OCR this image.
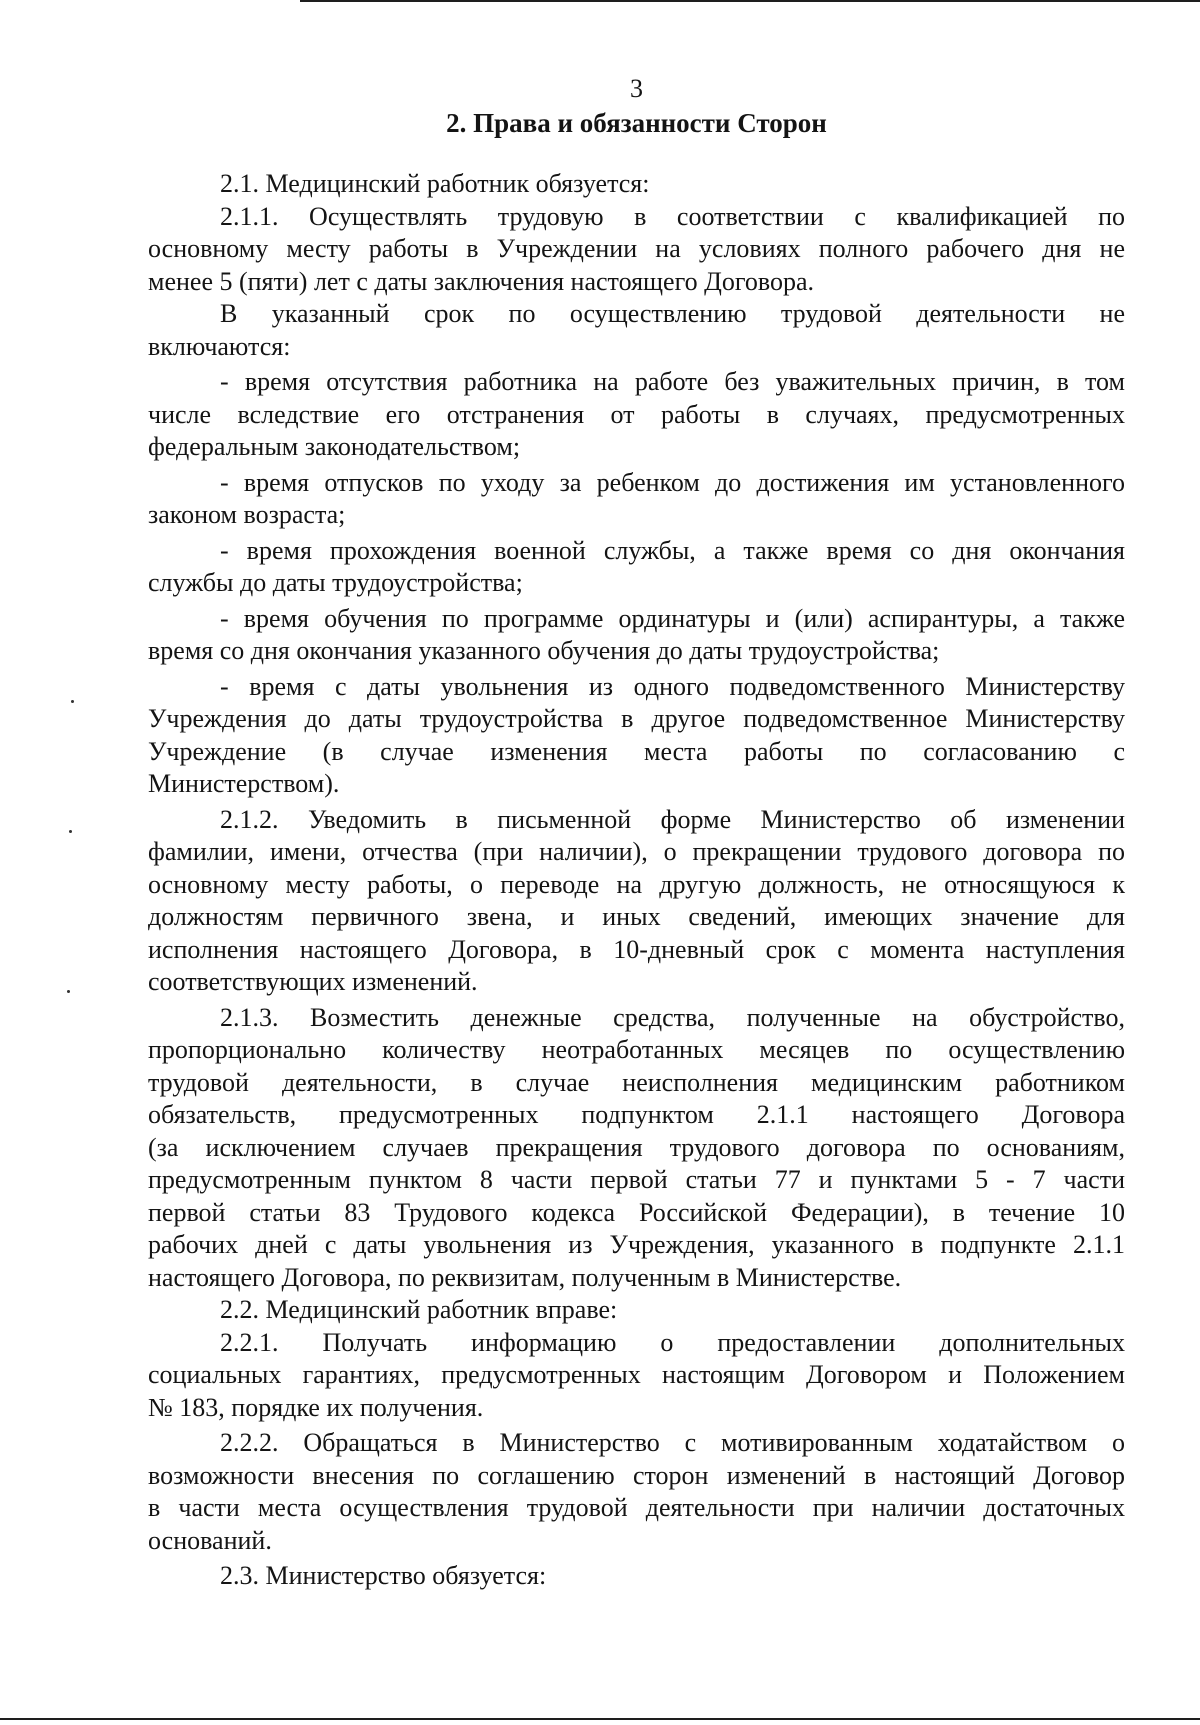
3
2. Права и обязанности Сторон
2.1. Медицинский работник обязуется:
2.1.1. Осуществлять трудовую в соответствии с квалификацией по
основному месту работы в Учреждении на условиях полного рабочего дня не
менее 5 (пяти) лет с даты заключения настоящего Договора.
В указанный срок по осуществлению трудовой деятельности не
включаются:
- время отсутствия работника на работе без уважительных причин, в том
числе вследствие его отстранения от работы в случаях, предусмотренных
федеральным законодательством;
- время отпусков по уходу за ребенком до достижения им установленного
законом возраста;
- время прохождения военной службы, а также время со дня окончания
службы до даты трудоустройства;
- время обучения по программе ординатуры и (или) аспирантуры, а также
время со дня окончания указанного обучения до даты трудоустройства;
- время с даты увольнения из одного подведомственного Министерству
Учреждения до даты трудоустройства в другое подведомственное Министерству
Учреждение (в случае изменения места работы по согласованию с
Министерством).
2.1.2. Уведомить в письменной форме Министерство об изменении
фамилии, имени, отчества (при наличии), о прекращении трудового договора по
основному месту работы, о переводе на другую должность, не относящуюся к
должностям первичного звена, и иных сведений, имеющих значение для
исполнения настоящего Договора, в 10-дневный срок с момента наступления
соответствующих изменений.
2.1.3. Возместить денежные средства, полученные на обустройство,
пропорционально количеству неотработанных месяцев по осуществлению
трудовой деятельности, в случае неисполнения медицинским работником
обязательств, предусмотренных подпунктом 2.1.1 настоящего Договора
(за исключением случаев прекращения трудового договора по основаниям,
предусмотренным пунктом 8 части первой статьи 77 и пунктами 5 - 7 части
первой статьи 83 Трудового кодекса Российской Федерации), в течение 10
рабочих дней с даты увольнения из Учреждения, указанного в подпункте 2.1.1
настоящего Договора, по реквизитам, полученным в Министерстве.
2.2. Медицинский работник вправе:
2.2.1. Получать информацию о предоставлении дополнительных
социальных гарантиях, предусмотренных настоящим Договором и Положением
№ 183, порядке их получения.
2.2.2. Обращаться в Министерство с мотивированным ходатайством о
возможности внесения по соглашению сторон изменений в настоящий Договор
в части места осуществления трудовой деятельности при наличии достаточных
оснований.
2.3. Министерство обязуется:
